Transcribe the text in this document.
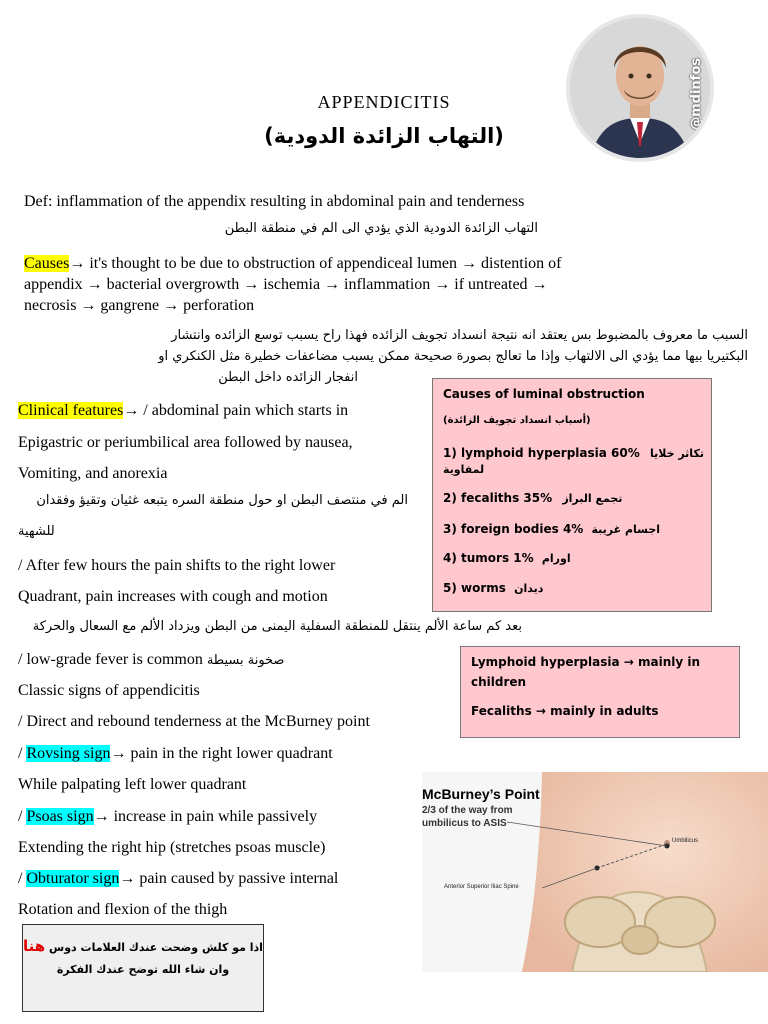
APPENDICITIS
(التهاب الزائدة الدودية)
@mdinfos
Def: inflammation of the appendix resulting in abdominal pain and tenderness
التهاب الزائدة الدودية الذي يؤدي الى الم في منطقة البطن
Causes→ it's thought to be due to obstruction of appendiceal lumen → distention of
appendix → bacterial overgrowth → ischemia → inflammation → if untreated →
necrosis → gangrene → perforation
السبب ما معروف بالمضبوط بس يعتقد انه نتيجة انسداد تجويف الزائده فهذا راح يسبب توسع الزائده وانتشار
البكتيريا بيها مما يؤدي الى الالتهاب وإذا ما تعالج بصورة صحيحة ممكن يسبب مضاعفات خطيرة مثل الكنكري او
انفجار الزائده داخل البطن
Clinical features→ / abdominal pain which starts in
Epigastric or periumbilical area followed by nausea,
Vomiting, and anorexia
الم في منتصف البطن او حول منطقة السره يتبعه غثيان وتقيؤ وفقدان
للشهية
/ After few hours the pain shifts to the right lower
Quadrant, pain increases with cough and motion
بعد كم ساعة الألم ينتقل للمنطقة السفلية اليمنى من البطن ويزداد الألم مع السعال والحركة
/ low-grade fever is common صخونة بسيطة
Classic signs of appendicitis
/ Direct and rebound tenderness at the McBurney point
/ Rovsing sign→ pain in the right lower quadrant
While palpating left lower quadrant
/ Psoas sign→ increase in pain while passively
Extending the right hip (stretches psoas muscle)
/ Obturator sign→ pain caused by passive internal
Rotation and flexion of the thigh
Causes of luminal obstruction
(أسباب انسداد تجويف الزائدة)
1) lymphoid hyperplasia 60% تكاثر خلايا
لمفاوية
2) fecaliths 35% تجمع البراز
3) foreign bodies 4% اجسام غريبة
4) tumors 1% اورام
5) worms ديدان
Lymphoid hyperplasia → mainly in
children
Fecaliths → mainly in adults
McBurney’s Point
2/3 of the way from
umbilicus to ASIS
Umbilicus
Anterior Superior Iliac Spine
اذا مو كلش وضحت عندك العلامات دوس هنا
وان شاء الله توضح عندك الفكرة
